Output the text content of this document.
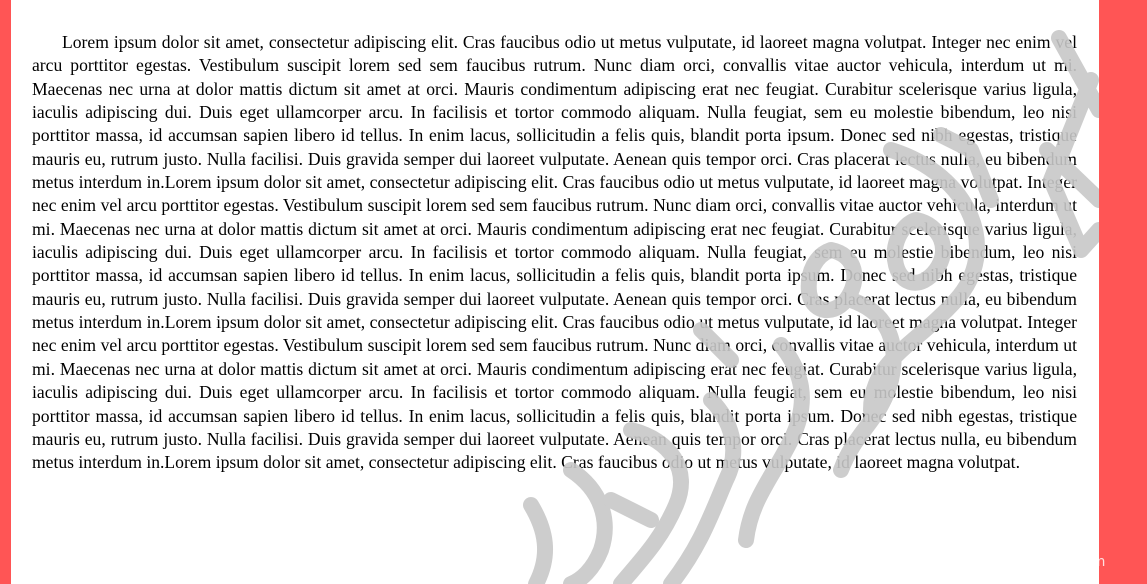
Lorem ipsum dolor sit amet, consectetur adipiscing elit. Cras faucibus odio ut metus vulputate, id laoreet magna volutpat. Integer nec enim vel arcu porttitor egestas. Vestibulum suscipit lorem sed sem faucibus rutrum. Nunc diam orci, convallis vitae auctor vehicula, interdum ut mi. Maecenas nec urna at dolor mattis dictum sit amet at orci. Mauris condimentum adipiscing erat nec feugiat. Curabitur scelerisque varius ligula, iaculis adipiscing dui. Duis eget ullamcorper arcu. In facilisis et tortor commodo aliquam. Nulla feugiat, sem eu molestie bibendum, leo nisi porttitor massa, id accumsan sapien libero id tellus. In enim lacus, sollicitudin a felis quis, blandit porta ipsum. Donec sed nibh egestas, tristique mauris eu, rutrum justo. Nulla facilisi. Duis gravida semper dui laoreet vulputate. Aenean quis tempor orci. Cras placerat lectus nulla, eu bibendum metus interdum in.Lorem ipsum dolor sit amet, consectetur adipiscing elit. Cras faucibus odio ut metus vulputate, id laoreet magna volutpat. Integer nec enim vel arcu porttitor egestas. Vestibulum suscipit lorem sed sem faucibus rutrum. Nunc diam orci, convallis vitae auctor vehicula, interdum ut mi. Maecenas nec urna at dolor mattis dictum sit amet at orci. Mauris condimentum adipiscing erat nec feugiat. Curabitur scelerisque varius ligula, iaculis adipiscing dui. Duis eget ullamcorper arcu. In facilisis et tortor commodo aliquam. Nulla feugiat, sem eu molestie bibendum, leo nisi porttitor massa, id accumsan sapien libero id tellus. In enim lacus, sollicitudin a felis quis, blandit porta ipsum. Donec sed nibh egestas, tristique mauris eu, rutrum justo. Nulla facilisi. Duis gravida semper dui laoreet vulputate. Aenean quis tempor orci. Cras placerat lectus nulla, eu bibendum metus interdum in.Lorem ipsum dolor sit amet, consectetur adipiscing elit. Cras faucibus odio ut metus vulputate, id laoreet magna volutpat. Integer nec enim vel arcu porttitor egestas. Vestibulum suscipit lorem sed sem faucibus rutrum. Nunc diam orci, convallis vitae auctor vehicula, interdum ut mi. Maecenas nec urna at dolor mattis dictum sit amet at orci. Mauris condimentum adipiscing erat nec feugiat. Curabitur scelerisque varius ligula, iaculis adipiscing dui. Duis eget ullamcorper arcu. In facilisis et tortor commodo aliquam. Nulla feugiat, sem eu molestie bibendum, leo nisi porttitor massa, id accumsan sapien libero id tellus. In enim lacus, sollicitudin a felis quis, blandit porta ipsum. Donec sed nibh egestas, tristique mauris eu, rutrum justo. Nulla facilisi. Duis gravida semper dui laoreet vulputate. Aenean quis tempor orci. Cras placerat lectus nulla, eu bibendum metus interdum in.Lorem ipsum dolor sit amet, consectetur adipiscing elit. Cras faucibus odio ut metus vulputate, id laoreet magna volutpat.

CSDN @Sun_Shaom
